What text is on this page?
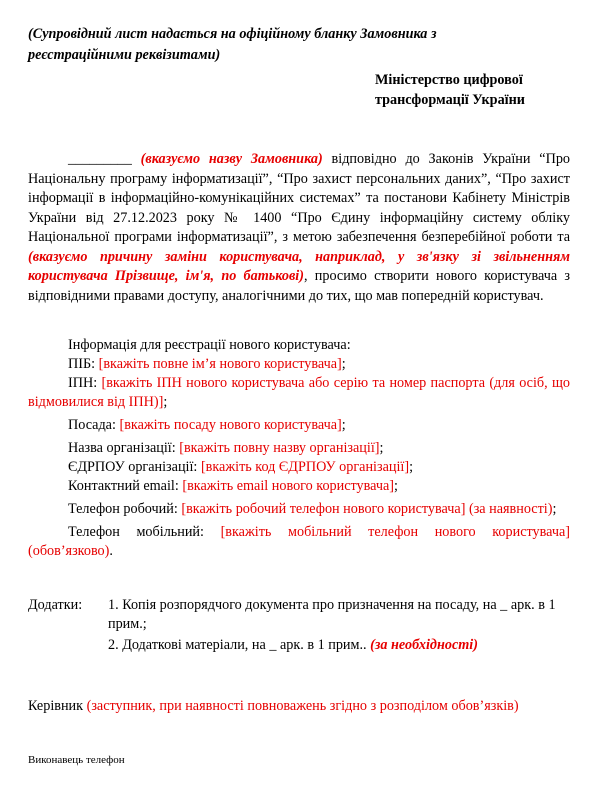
(Супровідний лист надається на офіційному бланку Замовника з
реєстраційними реквізитами)
Міністерство цифрової
трансформації України
_________ (вказуємо назву Замовника) відповідно до Законів України “Про Національну програму інформатизації”, “Про захист персональних даних”, “Про захист інформації в інформаційно-комунікаційних системах” та постанови Кабінету Міністрів України від 27.12.2023 року № 1400 “Про Єдину інформаційну систему обліку Національної програми інформатизації”, з метою забезпечення безперебійної роботи та (вказуємо причину заміни користувача, наприклад, у зв'язку зі звільненням користувача Прізвище, ім'я, по батькові), просимо створити нового користувача з відповідними правами доступу, аналогічними до тих, що мав попередній користувач.

Інформація для реєстрації нового користувача:

ПІБ: [вкажіть повне ім’я нового користувача];

ІПН: [вкажіть ІПН нового користувача або серію та номер паспорта (для осіб, що відмовилися від ІПН)];

Посада: [вкажіть посаду нового користувача];

Назва організації: [вкажіть повну назву організації];

ЄДРПОУ організації: [вкажіть код ЄДРПОУ організації];

Контактний email: [вкажіть email нового користувача];

Телефон робочий: [вкажіть робочий телефон нового користувача] (за наявності);

Телефон мобільний: [вкажіть мобільний телефон нового користувача] (обов’язково).

Додатки: 1. Копія розпорядчого документа про призначення на посаду, на _ арк. в 1 прим.;
2. Додаткові матеріали, на _ арк. в 1 прим.. (за необхідності)
Керівник (заступник, при наявності повноважень згідно з розподілом обов’язків)
Виконавець телефон
